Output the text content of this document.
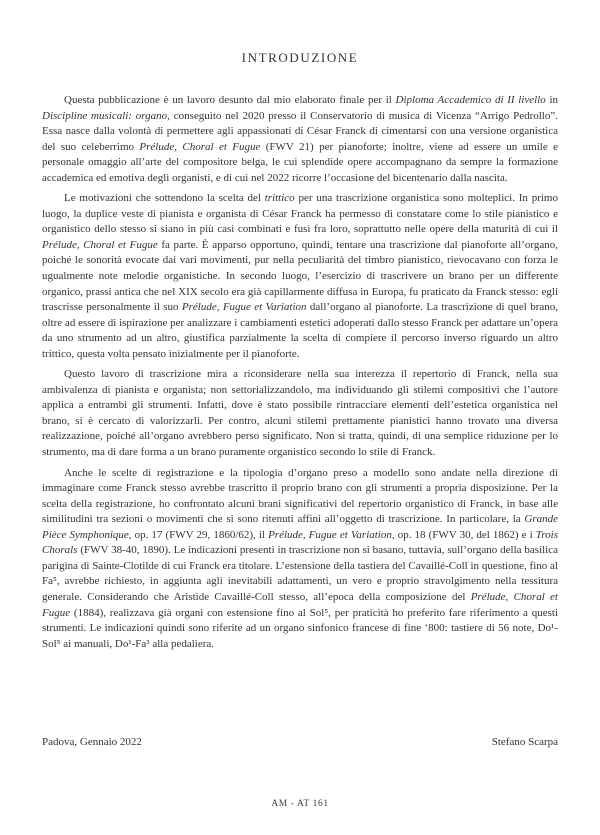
INTRODUZIONE

Questa pubblicazione è un lavoro desunto dal mio elaborato finale per il Diploma Accademico di II livello in Discipline musicali: organo, conseguito nel 2020 presso il Conservatorio di musica di Vicenza “Arrigo Pedrollo”. Essa nasce dalla volontà di permettere agli appassionati di César Franck di cimentarsi con una versione organistica del suo celeberrimo Prélude, Choral et Fugue (FWV 21) per pianoforte; inoltre, viene ad essere un umile e personale omaggio all’arte del compositore belga, le cui splendide opere accompagnano da sempre la formazione accademica ed emotiva degli organisti, e di cui nel 2022 ricorre l’occasione del bicentenario dalla nascita.

Le motivazioni che sottendono la scelta del trittico per una trascrizione organistica sono molteplici. In primo luogo, la duplice veste di pianista e organista di César Franck ha permesso di constatare come lo stile pianistico e organistico dello stesso si siano in più casi combinati e fusi fra loro, soprattutto nelle opere della maturità di cui il Prélude, Choral et Fugue fa parte. È apparso opportuno, quindi, tentare una trascrizione dal pianoforte all’organo, poiché le sonorità evocate dai vari movimenti, pur nella peculiarità del timbro pianistico, rievocavano con forza le ugualmente note melodie organistiche. In secondo luogo, l’esercizio di trascrivere un brano per un differente organico, prassi antica che nel XIX secolo era già capillarmente diffusa in Europa, fu praticato da Franck stesso: egli trascrisse personalmente il suo Prélude, Fugue et Variation dall’organo al pianoforte. La trascrizione di quel brano, oltre ad essere di ispirazione per analizzare i cambiamenti estetici adoperati dallo stesso Franck per adattare un’opera da uno strumento ad un altro, giustifica parzialmente la scelta di compiere il percorso inverso riguardo un altro trittico, questa volta pensato inizialmente per il pianoforte.

Questo lavoro di trascrizione mira a riconsiderare nella sua interezza il repertorio di Franck, nella sua ambivalenza di pianista e organista; non settorializzandolo, ma individuando gli stilemi compositivi che l’autore applica a entrambi gli strumenti. Infatti, dove è stato possibile rintracciare elementi dell’estetica organistica nel brano, si è cercato di valorizzarli. Per contro, alcuni stilemi prettamente pianistici hanno trovato una diversa realizzazione, poiché all’organo avrebbero perso significato. Non si tratta, quindi, di una semplice riduzione per lo strumento, ma di dare forma a un brano puramente organistico secondo lo stile di Franck.

Anche le scelte di registrazione e la tipologia d’organo preso a modello sono andate nella direzione di immaginare come Franck stesso avrebbe trascritto il proprio brano con gli strumenti a propria disposizione. Per la scelta della registrazione, ho confrontato alcuni brani significativi del repertorio organistico di Franck, in base alle similitudini tra sezioni o movimenti che si sono ritenuti affini all’oggetto di trascrizione. In particolare, la Grande Pièce Symphonique, op. 17 (FWV 29, 1860/62), il Prélude, Fugue et Variation, op. 18 (FWV 30, del 1862) e i Trois Chorals (FWV 38-40, 1890). Le indicazioni presenti in trascrizione non si basano, tuttavia, sull’organo della basilica parigina di Sainte-Clotilde di cui Franck era titolare. L’estensione della tastiera del Cavaillé-Coll in questione, fino al Fa⁵, avrebbe richiesto, in aggiunta agli inevitabili adattamenti, un vero e proprio stravolgimento nella tessitura generale. Considerando che Aristide Cavaillé-Coll stesso, all’epoca della composizione del Prélude, Choral et Fugue (1884), realizzava già organi con estensione fino al Sol⁵, per praticità ho preferito fare riferimento a questi strumenti. Le indicazioni quindi sono riferite ad un organo sinfonico francese di fine ‘800: tastiere di 56 note, Do¹-Sol⁵ ai manuali, Do¹-Fa³ alla pedaliera.

Padova, Gennaio 2022	Stefano Scarpa
AM - AT 161
